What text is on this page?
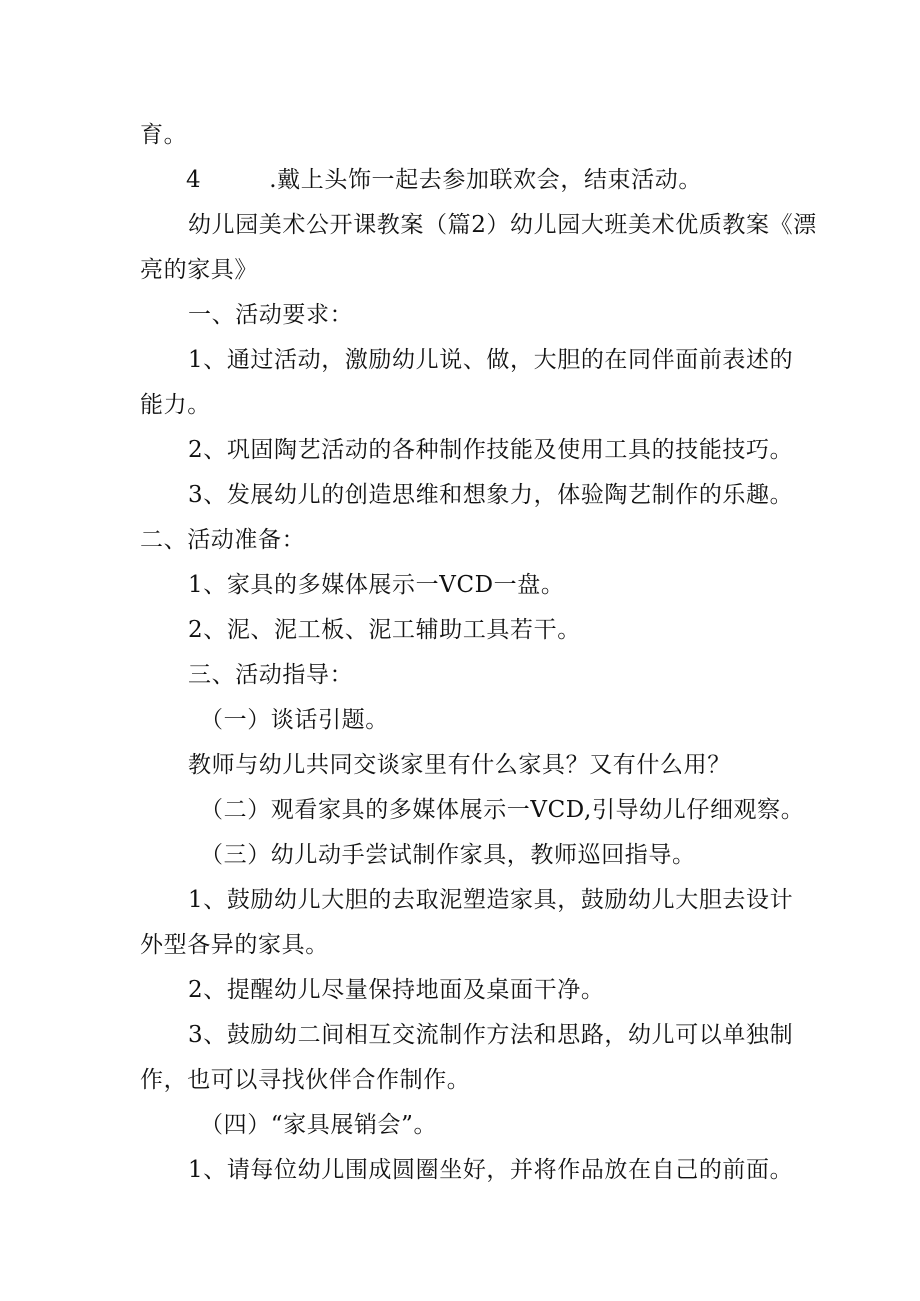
育。
4	.戴上头饰一起去参加联欢会，结束活动。
幼儿园美术公开课教案（篇2）幼儿园大班美术优质教案《漂
亮的家具》
一、活动要求：
1、通过活动，激励幼儿说、做，大胆的在同伴面前表述的
能力。
2、巩固陶艺活动的各种制作技能及使用工具的技能技巧。
3、发展幼儿的创造思维和想象力，体验陶艺制作的乐趣。
二、活动准备：
1、家具的多媒体展示一VCD一盘。
2、泥、泥工板、泥工辅助工具若干。
三、活动指导：
（一）谈话引题。
教师与幼儿共同交谈家里有什么家具？又有什么用？
（二）观看家具的多媒体展示一VCD,引导幼儿仔细观察。
（三）幼儿动手尝试制作家具，教师巡回指导。
1、鼓励幼儿大胆的去取泥塑造家具，鼓励幼儿大胆去设计
外型各异的家具。
2、提醒幼儿尽量保持地面及桌面干净。
3、鼓励幼二间相互交流制作方法和思路，幼儿可以单独制
作，也可以寻找伙伴合作制作。
（四）“家具展销会”。
1、请每位幼儿围成圆圈坐好，并将作品放在自己的前面。
